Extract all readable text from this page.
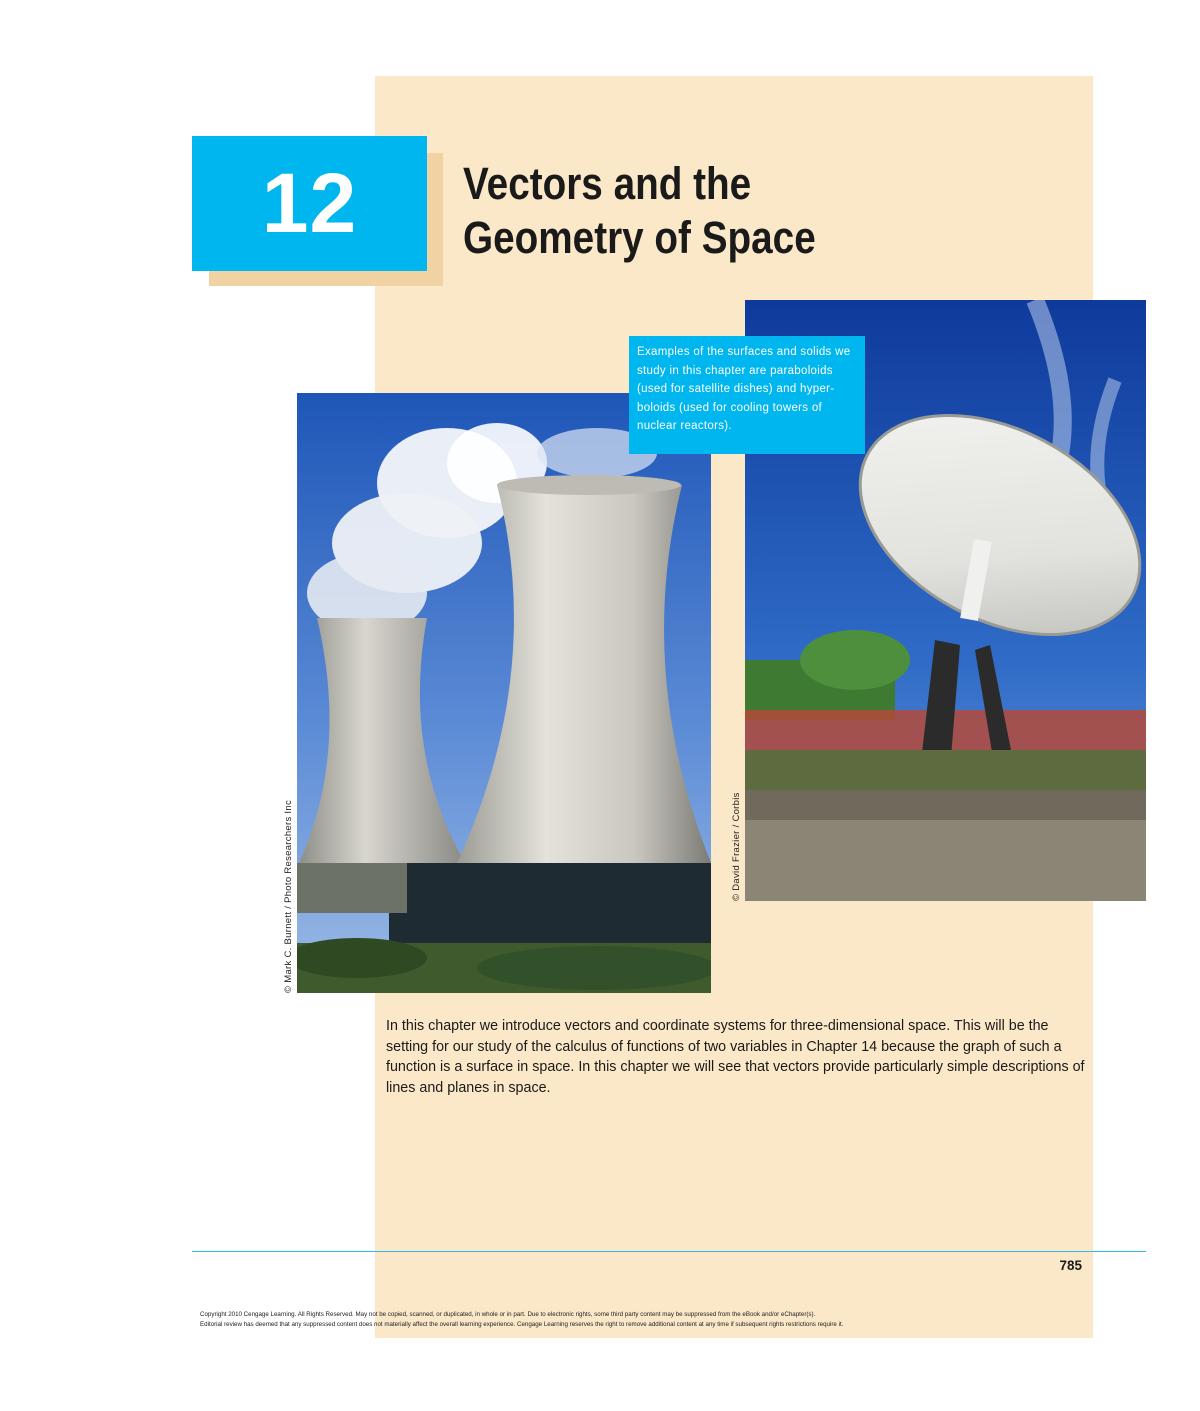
12	Vectors and the
Geometry of Space
© Mark C. Burnett / Photo Researchers Inc	© David Frazier / Corbis
Examples of the surfaces and solids we study in this chapter are paraboloids (used for satellite dishes) and hyper-boloids (used for cooling towers of nuclear reactors).

In this chapter we introduce vectors and coordinate systems for three-dimensional space. This will be the setting for our study of the calculus of functions of two variables in Chapter 14 because the graph of such a function is a surface in space. In this chapter we will see that vectors provide particularly simple descriptions of lines and planes in space.

785
Copyright 2010 Cengage Learning. All Rights Reserved. May not be copied, scanned, or duplicated, in whole or in part. Due to electronic rights, some third party content may be suppressed from the eBook and/or eChapter(s).
Editorial review has deemed that any suppressed content does not materially affect the overall learning experience. Cengage Learning reserves the right to remove additional content at any time if subsequent rights restrictions require it.
